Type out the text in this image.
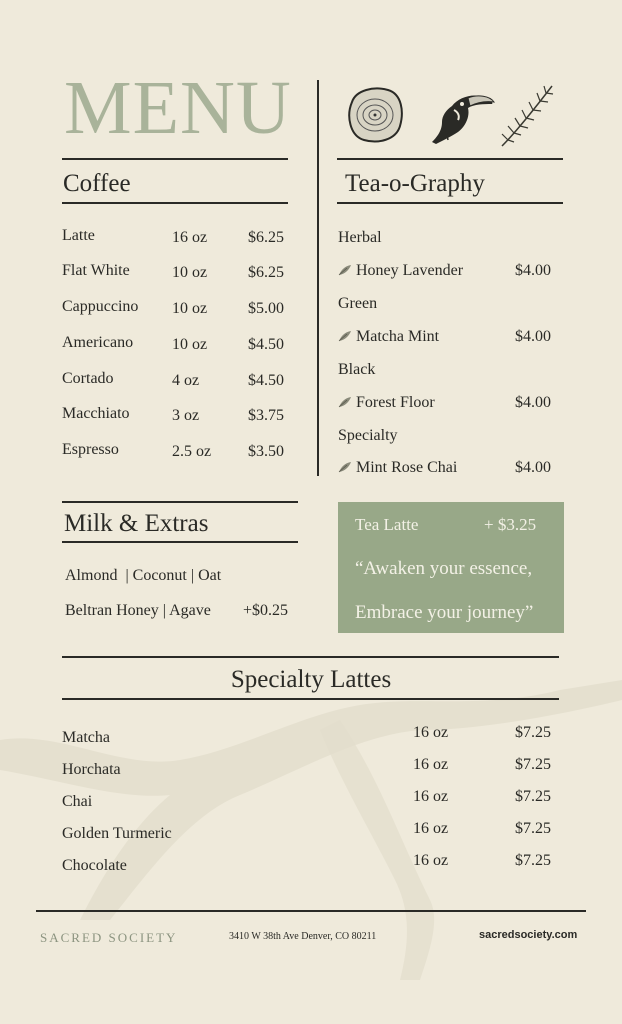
MENU
Coffee
Latte	16 oz	$6.25
Flat White	10 oz	$6.25
Cappuccino 10 oz	$5.00
Americano 10 oz	$4.50
Cortado	4 oz	$4.50
Macchiato	3 oz	$3.75
Espresso	2.5 oz $3.50
Tea-o-Graphy
Herbal
Honey Lavender	$4.00
Green
Matcha Mint	$4.00
Black
Forest Floor	$4.00
Specialty
Mint Rose Chai	$4.00
Milk & Extras
Almond  | Coconut | Oat
Beltran Honey | Agave +$0.25
Tea Latte	+ $3.25
“Awaken your essence,
Embrace your journey”
Specialty Lattes
Matcha	16 oz	$7.25
Horchata	16 oz	$7.25
Chai	16 oz	$7.25
Golden Turmeric	16 oz	$7.25
Chocolate	16 oz	$7.25
SACRED SOCIETY	3410 W 38th Ave Denver, CO 80211	sacredsociety.com
